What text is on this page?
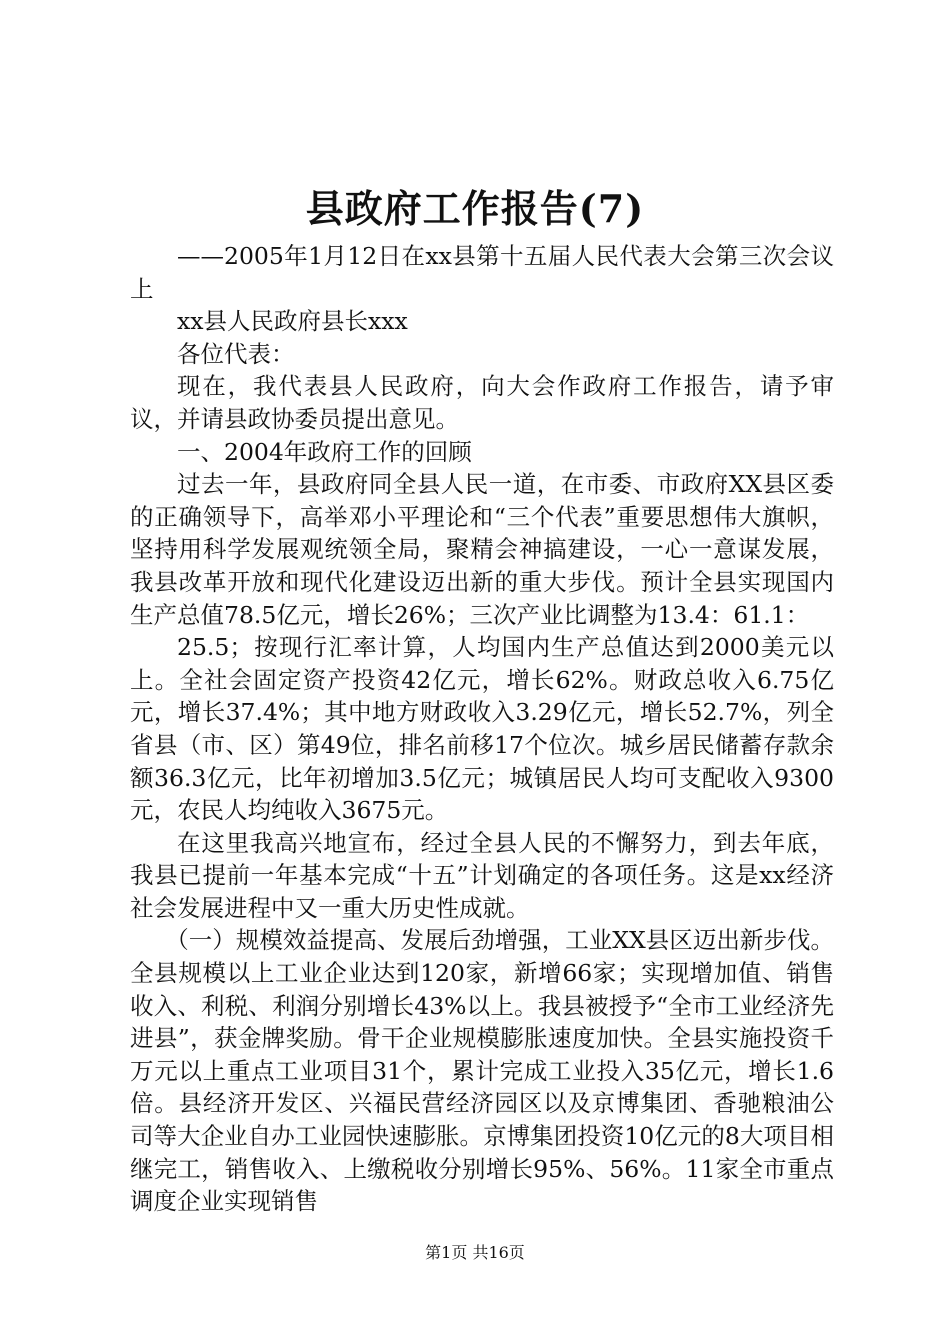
县政府工作报告(7)

——2005年1月12日在xx县第十五届人民代表大会第三次会议上

xx县人民政府县长xxx

各位代表：

现在，我代表县人民政府，向大会作政府工作报告，请予审议，并请县政协委员提出意见。

一、2004年政府工作的回顾

过去一年，县政府同全县人民一道，在市委、市政府XX县区委的正确领导下，高举邓小平理论和“三个代表”重要思想伟大旗帜，坚持用科学发展观统领全局，聚精会神搞建设，一心一意谋发展，我县改革开放和现代化建设迈出新的重大步伐。预计全县实现国内生产总值78.5亿元，增长26%；三次产业比调整为13.4：61.1：

25.5；按现行汇率计算，人均国内生产总值达到2000美元以上。全社会固定资产投资42亿元，增长62%。财政总收入6.75亿元，增长37.4%；其中地方财政收入3.29亿元，增长52.7%，列全省县（市、区）第49位，排名前移17个位次。城乡居民储蓄存款余额36.3亿元，比年初增加3.5亿元；城镇居民人均可支配收入9300元，农民人均纯收入3675元。

在这里我高兴地宣布，经过全县人民的不懈努力，到去年底，我县已提前一年基本完成“十五”计划确定的各项任务。这是xx经济社会发展进程中又一重大历史性成就。

（一）规模效益提高、发展后劲增强，工业XX县区迈出新步伐。全县规模以上工业企业达到120家，新增66家；实现增加值、销售收入、利税、利润分别增长43%以上。我县被授予“全市工业经济先进县”，获金牌奖励。骨干企业规模膨胀速度加快。全县实施投资千万元以上重点工业项目31个，累计完成工业投入35亿元，增长1.6倍。县经济开发区、兴福民营经济园区以及京博集团、香驰粮油公司等大企业自办工业园快速膨胀。京博集团投资10亿元的8大项目相继完工，销售收入、上缴税收分别增长95%、56%。11家全市重点调度企业实现销售

第1页 共16页
